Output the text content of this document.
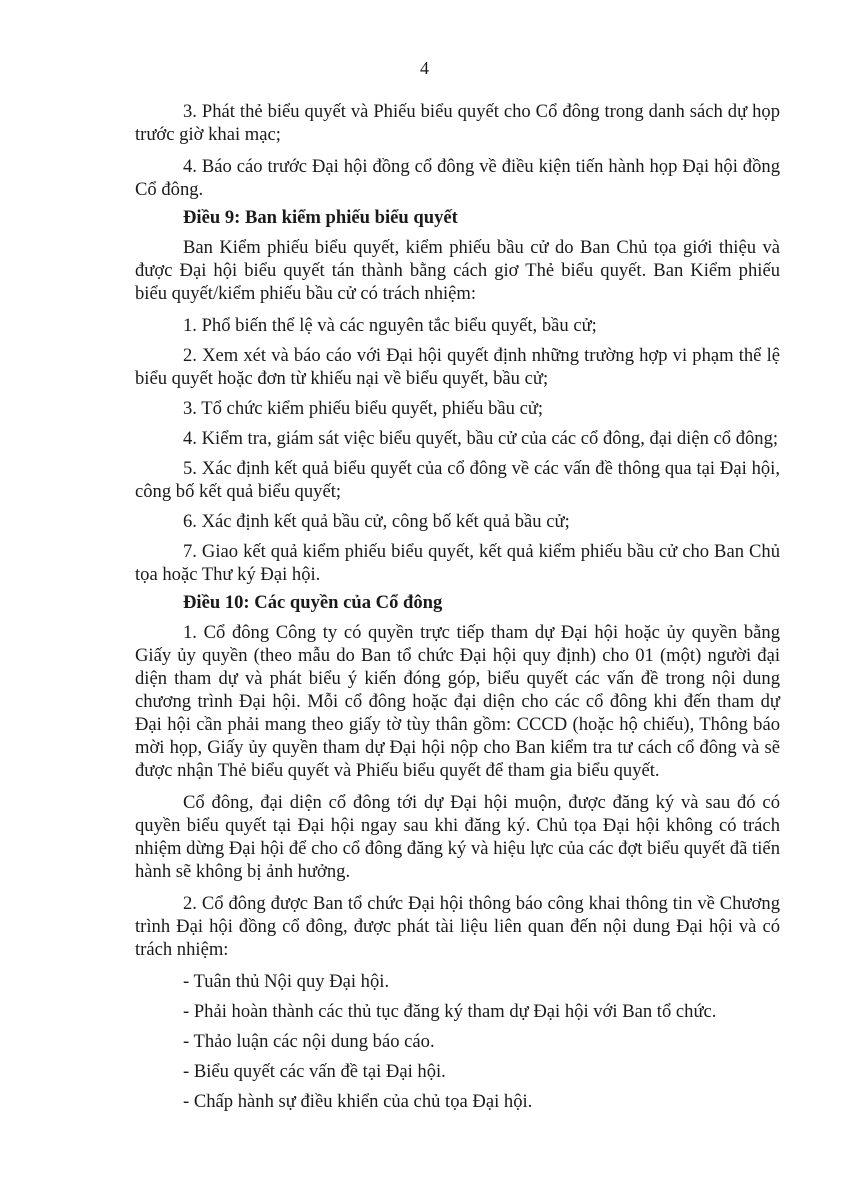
4

3. Phát thẻ biểu quyết và Phiếu biểu quyết cho Cổ đông trong danh sách dự họp trước giờ khai mạc;

4. Báo cáo trước Đại hội đồng cổ đông về điều kiện tiến hành họp Đại hội đồng Cổ đông.

Điều 9: Ban kiểm phiếu biểu quyết

Ban Kiểm phiếu biểu quyết, kiểm phiếu bầu cử do Ban Chủ tọa giới thiệu và được Đại hội biểu quyết tán thành bằng cách giơ Thẻ biểu quyết. Ban Kiểm phiếu biểu quyết/kiểm phiếu bầu cử có trách nhiệm:

1. Phổ biến thể lệ và các nguyên tắc biểu quyết, bầu cử;

2. Xem xét và báo cáo với Đại hội quyết định những trường hợp vi phạm thể lệ biểu quyết hoặc đơn từ khiếu nại về biểu quyết, bầu cử;

3. Tổ chức kiểm phiếu biểu quyết, phiếu bầu cử;

4. Kiểm tra, giám sát việc biểu quyết, bầu cử của các cổ đông, đại diện cổ đông;

5. Xác định kết quả biểu quyết của cổ đông về các vấn đề thông qua tại Đại hội, công bố kết quả biểu quyết;

6. Xác định kết quả bầu cử, công bố kết quả bầu cử;

7. Giao kết quả kiểm phiếu biểu quyết, kết quả kiểm phiếu bầu cử cho Ban Chủ tọa hoặc Thư ký Đại hội.

Điều 10: Các quyền của Cổ đông

1. Cổ đông Công ty có quyền trực tiếp tham dự Đại hội hoặc ủy quyền bằng Giấy ủy quyền (theo mẫu do Ban tổ chức Đại hội quy định) cho 01 (một) người đại diện tham dự và phát biểu ý kiến đóng góp, biểu quyết các vấn đề trong nội dung chương trình Đại hội. Mỗi cổ đông hoặc đại diện cho các cổ đông khi đến tham dự Đại hội cần phải mang theo giấy tờ tùy thân gồm: CCCD (hoặc hộ chiếu), Thông báo mời họp, Giấy ủy quyền tham dự Đại hội nộp cho Ban kiểm tra tư cách cổ đông và sẽ được nhận Thẻ biểu quyết và Phiếu biểu quyết để tham gia biểu quyết.

Cổ đông, đại diện cổ đông tới dự Đại hội muộn, được đăng ký và sau đó có quyền biểu quyết tại Đại hội ngay sau khi đăng ký. Chủ tọa Đại hội không có trách nhiệm dừng Đại hội để cho cổ đông đăng ký và hiệu lực của các đợt biểu quyết đã tiến hành sẽ không bị ảnh hưởng.

2. Cổ đông được Ban tổ chức Đại hội thông báo công khai thông tin về Chương trình Đại hội đồng cổ đông, được phát tài liệu liên quan đến nội dung Đại hội và có trách nhiệm:

- Tuân thủ Nội quy Đại hội.

- Phải hoàn thành các thủ tục đăng ký tham dự Đại hội với Ban tổ chức.

- Thảo luận các nội dung báo cáo.

- Biểu quyết các vấn đề tại Đại hội.

- Chấp hành sự điều khiển của chủ tọa Đại hội.
